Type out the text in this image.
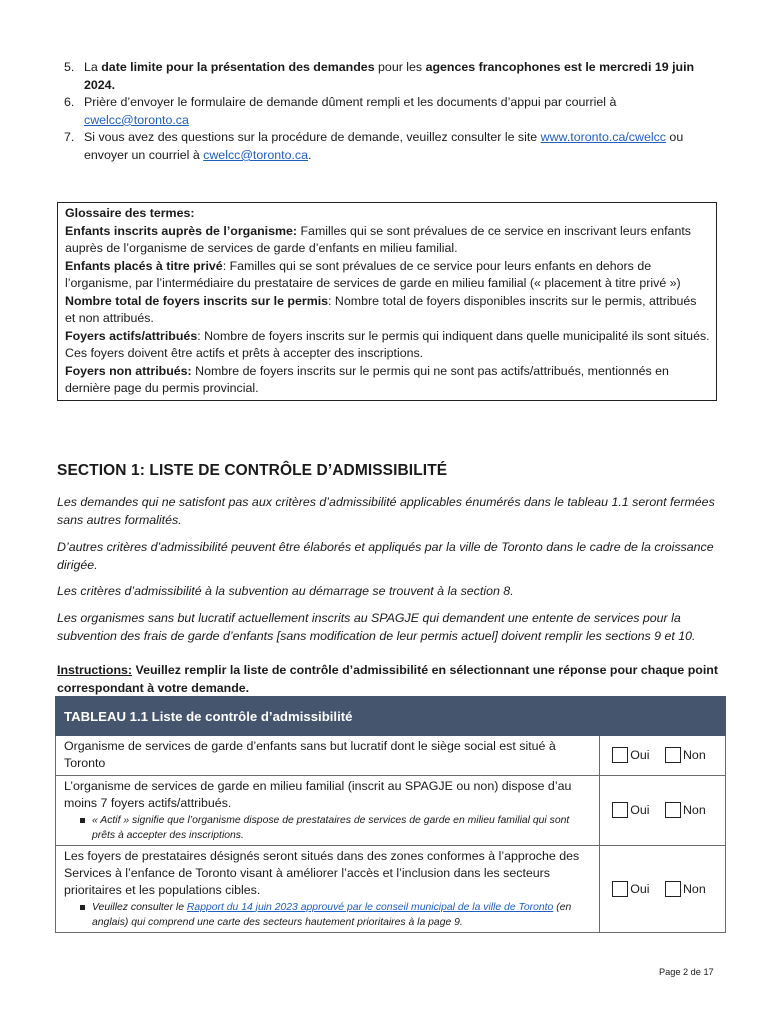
5. La date limite pour la présentation des demandes pour les agences francophones est le mercredi 19 juin 2024.
6. Prière d’envoyer le formulaire de demande dûment rempli et les documents d’appui par courriel à
cwelcc@toronto.ca
7. Si vous avez des questions sur la procédure de demande, veuillez consulter le site www.toronto.ca/cwelcc ou envoyer un courriel à cwelcc@toronto.ca.

Glossaire des termes:

Enfants inscrits auprès de l’organisme: Familles qui se sont prévalues de ce service en inscrivant leurs enfants auprès de l’organisme de services de garde d’enfants en milieu familial.

Enfants placés à titre privé: Familles qui se sont prévalues de ce service pour leurs enfants en dehors de l’organisme, par l’intermédiaire du prestataire de services de garde en milieu familial (« placement à titre privé »)

Nombre total de foyers inscrits sur le permis: Nombre total de foyers disponibles inscrits sur le permis, attribués et non attribués.

Foyers actifs/attribués: Nombre de foyers inscrits sur le permis qui indiquent dans quelle municipalité ils sont situés. Ces foyers doivent être actifs et prêts à accepter des inscriptions.

Foyers non attribués: Nombre de foyers inscrits sur le permis qui ne sont pas actifs/attribués, mentionnés en dernière page du permis provincial.

SECTION 1: LISTE DE CONTRÔLE D’ADMISSIBILITÉ
Les demandes qui ne satisfont pas aux critères d’admissibilité applicables énumérés dans le tableau 1.1 seront fermées sans autres formalités.
D’autres critères d’admissibilité peuvent être élaborés et appliqués par la ville de Toronto dans le cadre de la croissance dirigée.
Les critères d’admissibilité à la subvention au démarrage se trouvent à la section 8.
Les organismes sans but lucratif actuellement inscrits au SPAGJE qui demandent une entente de services pour la subvention des frais de garde d’enfants [sans modification de leur permis actuel] doivent remplir les sections 9 et 10.
Instructions: Veuillez remplir la liste de contrôle d’admissibilité en sélectionnant une réponse pour chaque point correspondant à votre demande.
TABLEAU 1.1 Liste de contrôle d’admissibilité	
Organisme de services de garde d’enfants sans but lucratif dont le siège social est situé à Toronto	Oui Non

L’organisme de services de garde en milieu familial (inscrit au SPAGJE ou non) dispose d’au moins 7 foyers actifs/attribués.
« Actif » signifie que l’organisme dispose de prestataires de services de garde en milieu familial qui sont prêts à accepter des inscriptions.	Oui Non

Les foyers de prestataires désignés seront situés dans des zones conformes à l’approche des Services à l’enfance de Toronto visant à améliorer l’accès et l’inclusion dans les secteurs prioritaires et les populations cibles.
Veuillez consulter le Rapport du 14 juin 2023 approuvé par le conseil municipal de la ville de Toronto (en anglais) qui comprend une carte des secteurs hautement prioritaires à la page 9.	Oui Non
Page 2 de 17
